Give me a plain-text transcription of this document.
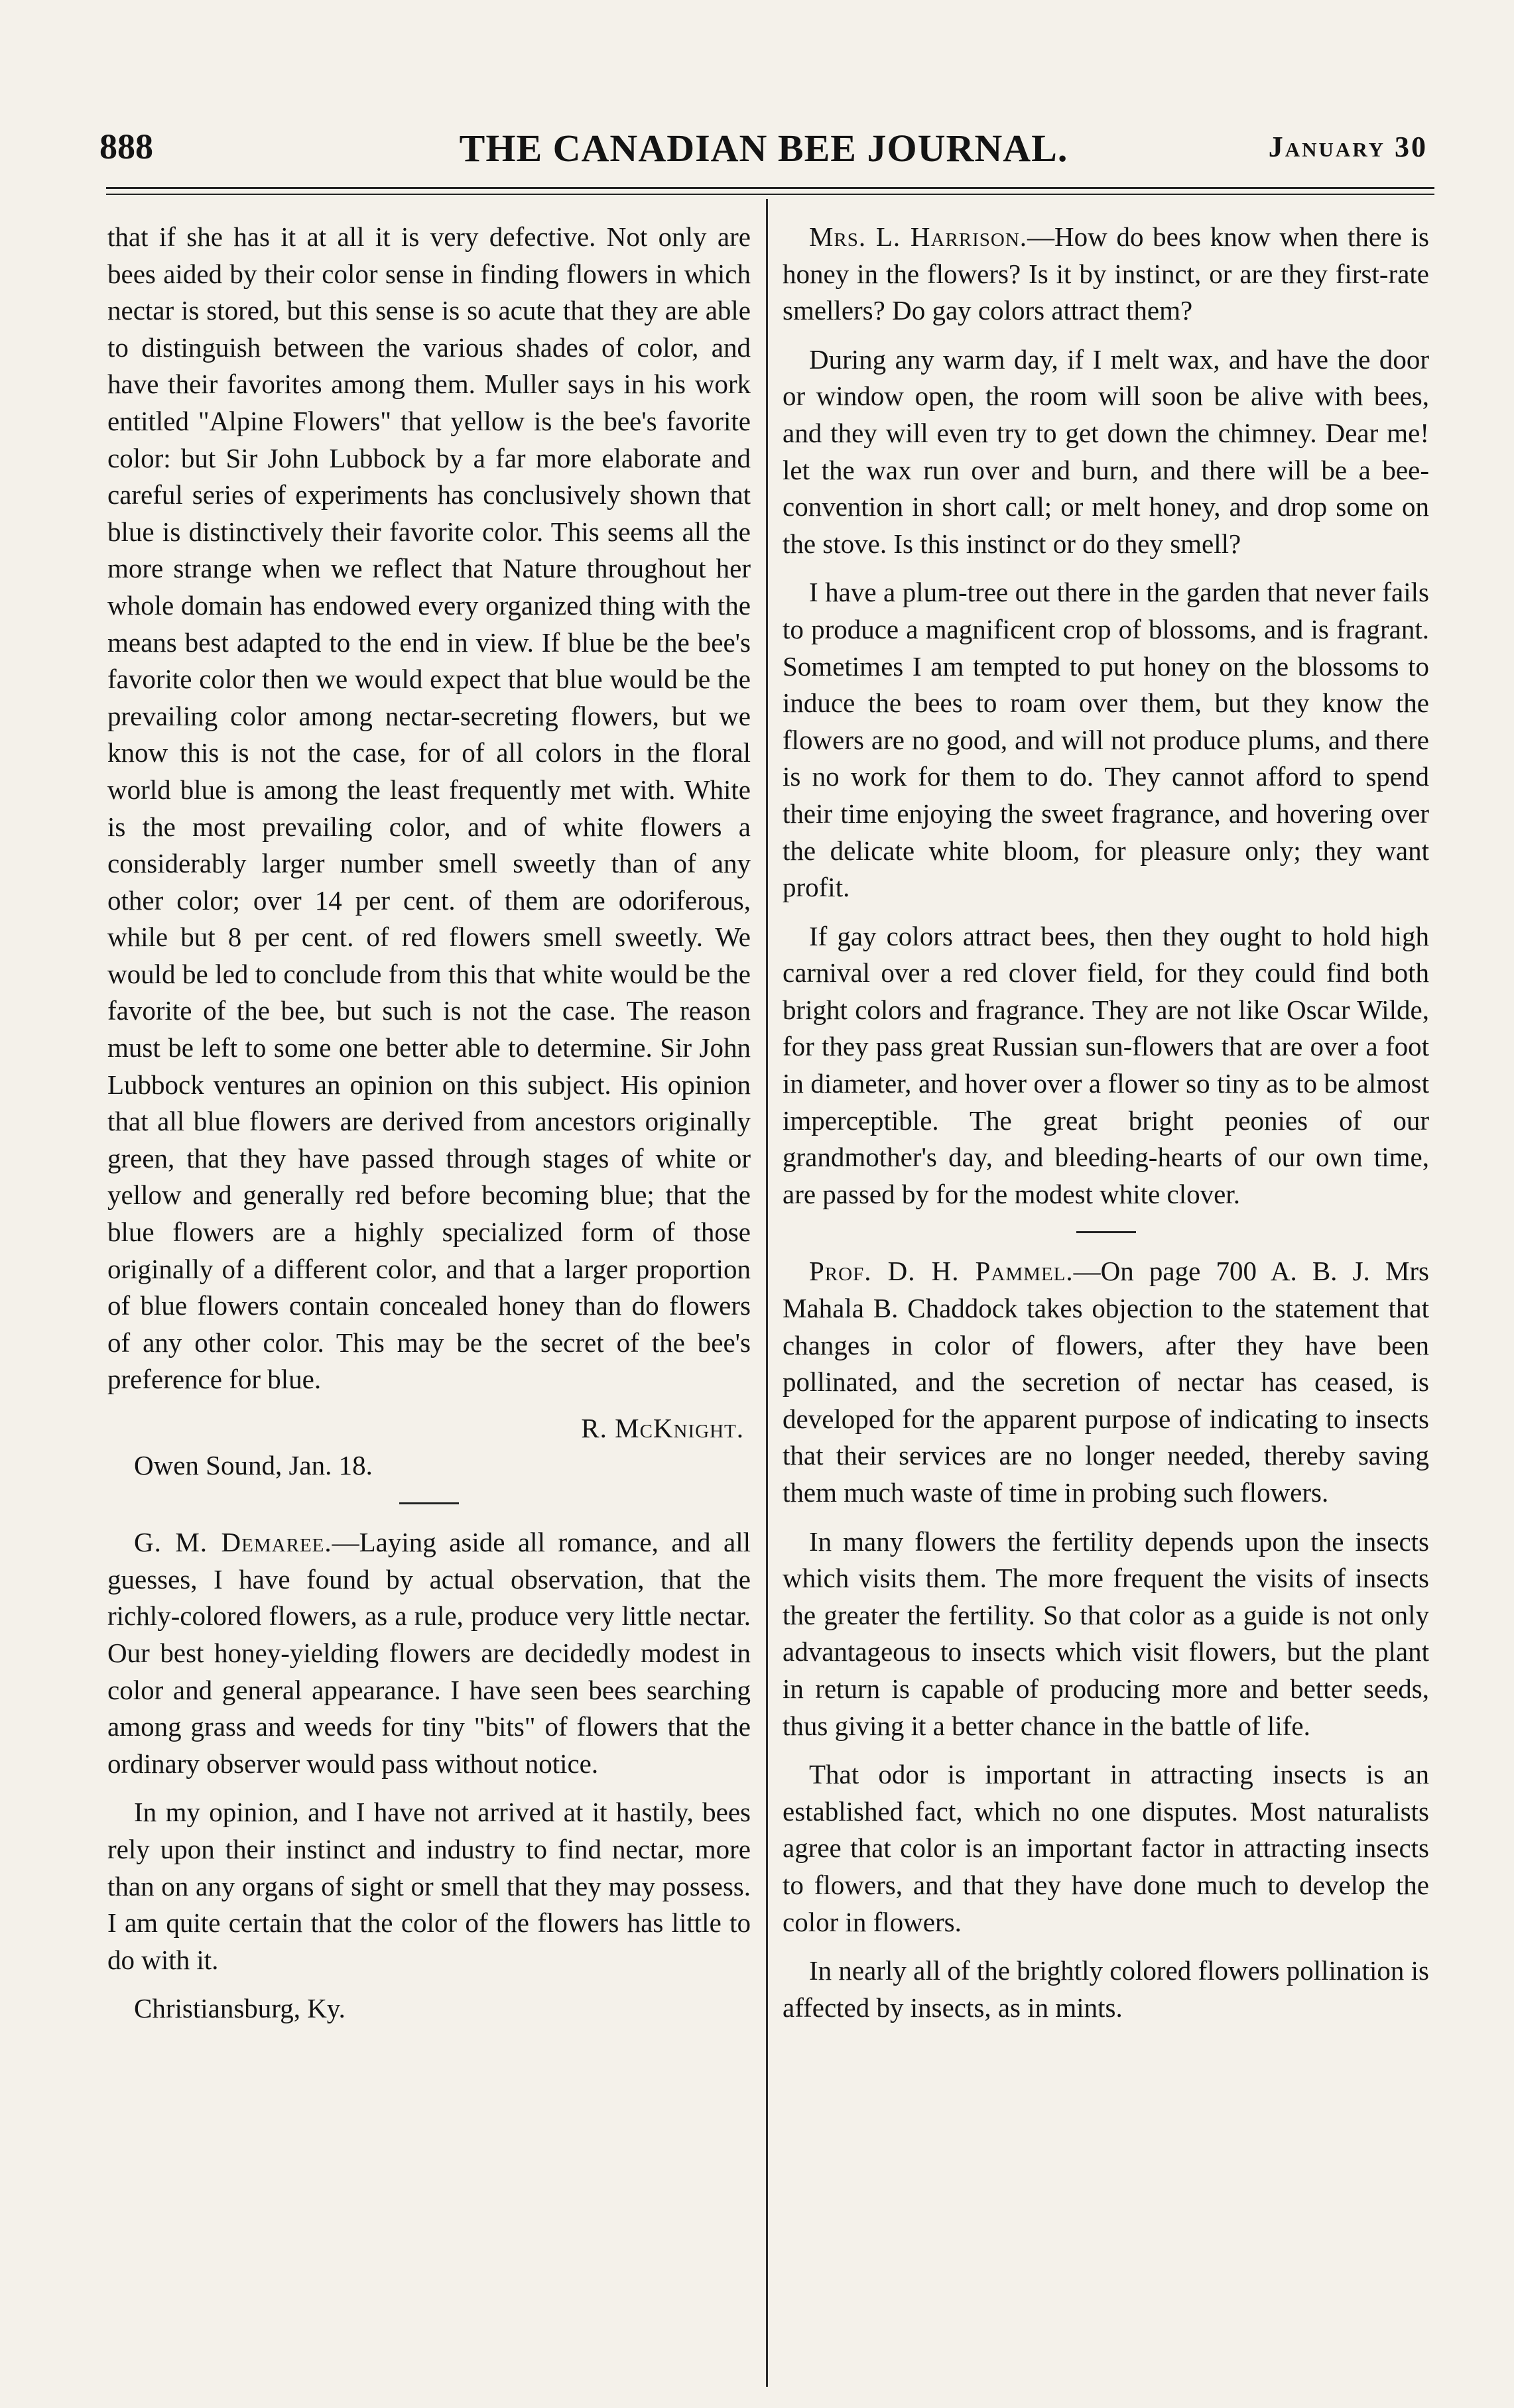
888	THE CANADIAN BEE JOURNAL.	January 30

that if she has it at all it is very defective. Not only are bees aided by their color sense in finding flowers in which nectar is stored, but this sense is so acute that they are able to distinguish between the various shades of color, and have their favorites among them. Muller says in his work entitled "Alpine Flowers" that yellow is the bee's favorite color: but Sir John Lubbock by a far more elaborate and careful series of experiments has conclusively shown that blue is distinctively their favorite color. This seems all the more strange when we reflect that Nature throughout her whole domain has endowed every organized thing with the means best adapted to the end in view. If blue be the bee's favorite color then we would expect that blue would be the prevailing color among nectar-secreting flowers, but we know this is not the case, for of all colors in the floral world blue is among the least frequently met with. White is the most prevailing color, and of white flowers a considerably larger number smell sweetly than of any other color; over 14 per cent. of them are odoriferous, while but 8 per cent. of red flowers smell sweetly. We would be led to conclude from this that white would be the favorite of the bee, but such is not the case. The reason must be left to some one better able to determine. Sir John Lubbock ventures an opinion on this subject. His opinion that all blue flowers are derived from ancestors originally green, that they have passed through stages of white or yellow and generally red before becoming blue; that the blue flowers are a highly specialized form of those originally of a different color, and that a larger proportion of blue flowers contain concealed honey than do flowers of any other color. This may be the secret of the bee's preference for blue.

R. McKnight.

Owen Sound, Jan. 18.

G. M. Demaree.—Laying aside all romance, and all guesses, I have found by actual observation, that the richly-colored flowers, as a rule, produce very little nectar. Our best honey-yielding flowers are decidedly modest in color and general appearance. I have seen bees searching among grass and weeds for tiny "bits" of flowers that the ordinary observer would pass without notice.

In my opinion, and I have not arrived at it hastily, bees rely upon their instinct and industry to find nectar, more than on any organs of sight or smell that they may possess. I am quite certain that the color of the flowers has little to do with it.

Christiansburg, Ky.

Mrs. L. Harrison.—How do bees know when there is honey in the flowers? Is it by instinct, or are they first-rate smellers? Do gay colors attract them?

During any warm day, if I melt wax, and have the door or window open, the room will soon be alive with bees, and they will even try to get down the chimney. Dear me! let the wax run over and burn, and there will be a bee-convention in short call; or melt honey, and drop some on the stove. Is this instinct or do they smell?

I have a plum-tree out there in the garden that never fails to produce a magnificent crop of blossoms, and is fragrant. Sometimes I am tempted to put honey on the blossoms to induce the bees to roam over them, but they know the flowers are no good, and will not produce plums, and there is no work for them to do. They cannot afford to spend their time enjoying the sweet fragrance, and hovering over the delicate white bloom, for pleasure only; they want profit.

If gay colors attract bees, then they ought to hold high carnival over a red clover field, for they could find both bright colors and fragrance. They are not like Oscar Wilde, for they pass great Russian sun-flowers that are over a foot in diameter, and hover over a flower so tiny as to be almost imperceptible. The great bright peonies of our grandmother's day, and bleeding-hearts of our own time, are passed by for the modest white clover.

Prof. D. H. Pammel.—On page 700 A. B. J. Mrs Mahala B. Chaddock takes objection to the statement that changes in color of flowers, after they have been pollinated, and the secretion of nectar has ceased, is developed for the apparent purpose of indicating to insects that their services are no longer needed, thereby saving them much waste of time in probing such flowers.

In many flowers the fertility depends upon the insects which visits them. The more frequent the visits of insects the greater the fertility. So that color as a guide is not only advantageous to insects which visit flowers, but the plant in return is capable of producing more and better seeds, thus giving it a better chance in the battle of life.

That odor is important in attracting insects is an established fact, which no one disputes. Most naturalists agree that color is an important factor in attracting insects to flowers, and that they have done much to develop the color in flowers.

In nearly all of the brightly colored flowers pollination is affected by insects, as in mints.
